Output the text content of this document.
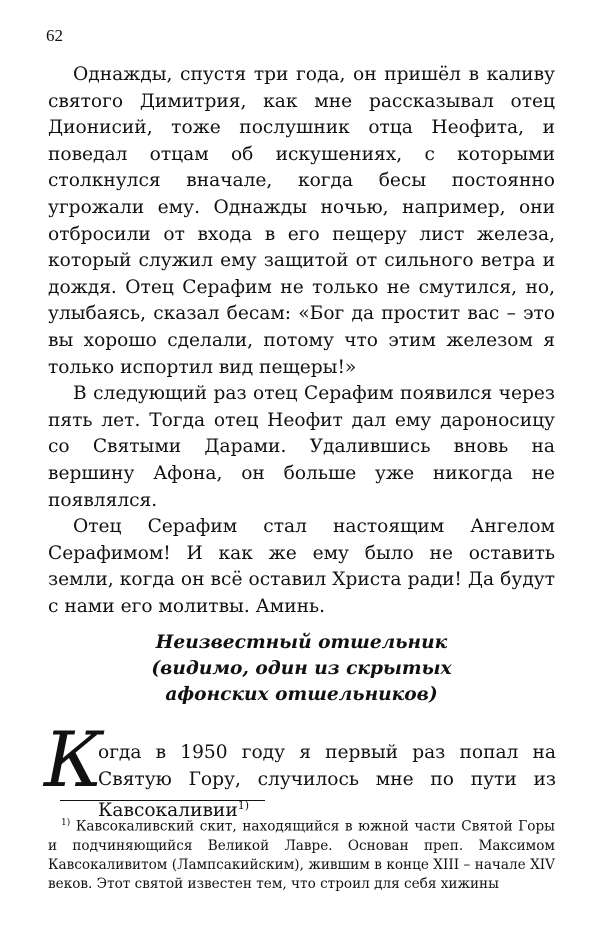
62

Однажды, спустя три года, он пришёл в каливу святого Димитрия, как мне рассказывал отец Дионисий, тоже послушник отца Неофита, и поведал отцам об искушениях, с которыми столкнулся вначале, когда бесы постоянно угрожали ему. Однажды ночью, например, они отбросили от входа в его пещеру лист железа, который служил ему защитой от сильного ветра и дождя. Отец Серафим не только не смутился, но, улыбаясь, сказал бесам: «Бог да простит вас – это вы хорошо сделали, потому что этим железом я только испортил вид пещеры!»

В следующий раз отец Серафим появился через пять лет. Тогда отец Неофит дал ему дароносицу со Святыми Дарами. Удалившись вновь на вершину Афона, он больше уже никогда не появлялся.

Отец Серафим стал настоящим Ангелом Серафимом! И как же ему было не оставить земли, когда он всё оставил Христа ради! Да будут с нами его молитвы. Аминь.

Неизвестный отшельник
(видимо, один из скрытых
афонских отшельников)
К
огда в 1950 году я первый раз попал на Святую Гору, случилось мне по пути из Кавсокаливии$^{1)}$

$^{1)}$ Кавсокаливский скит, находящийся в южной части Святой Горы и подчиняющийся Великой Лавре. Основан преп. Максимом Кавсокаливитом (Лампсакийским), жившим в конце XIII – начале XIV веков. Этот святой известен тем, что строил для себя хижины
